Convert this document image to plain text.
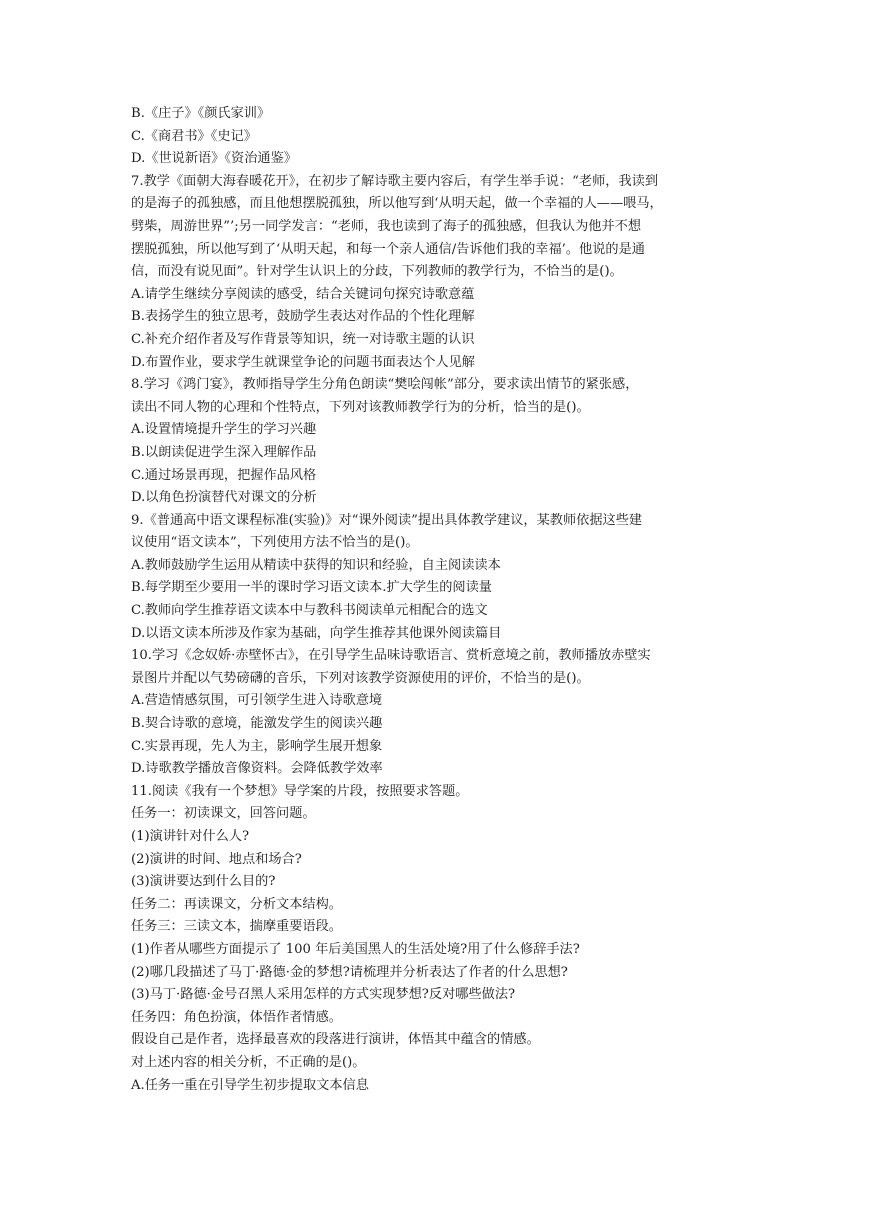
B.《庄子》《颜氏家训》
C.《商君书》《史记》
D.《世说新语》《资治通鉴》
7.教学《面朝大海春暖花开》，在初步了解诗歌主要内容后，有学生举手说：“老师，我读到
的是海子的孤独感，而且他想摆脱孤独，所以他写到‘从明天起，做一个幸福的人——喂马，
劈柴，周游世界”’;另一同学发言：“老师，我也读到了海子的孤独感，但我认为他并不想
摆脱孤独，所以他写到了‘从明天起，和每一个亲人通信/告诉他们我的幸福’。他说的是通
信，而没有说见面”。针对学生认识上的分歧，下列教师的教学行为，不恰当的是()。
A.请学生继续分享阅读的感受，结合关键词句探究诗歌意蕴
B.表扬学生的独立思考，鼓励学生表达对作品的个性化理解
C.补充介绍作者及写作背景等知识，统一对诗歌主题的认识
D.布置作业，要求学生就课堂争论的问题书面表达个人见解
8.学习《鸿门宴》，教师指导学生分角色朗读“樊哙闯帐”部分，要求读出情节的紧张感，
读出不同人物的心理和个性特点，下列对该教师教学行为的分析，恰当的是()。
A.设置情境提升学生的学习兴趣
B.以朗读促进学生深入理解作品
C.通过场景再现，把握作品风格
D.以角色扮演替代对课文的分析
9.《普通高中语文课程标准(实验)》对“课外阅读”提出具体教学建议，某教师依据这些建
议使用“语文读本”，下列使用方法不恰当的是()。
A.教师鼓励学生运用从精读中获得的知识和经验，自主阅读读本
B.每学期至少要用一半的课时学习语文读本.扩大学生的阅读量
C.教师向学生推荐语文读本中与教科书阅读单元相配合的选文
D.以语文读本所涉及作家为基础，向学生推荐其他课外阅读篇目
10.学习《念奴娇·赤壁怀古》，在引导学生品味诗歌语言、赏析意境之前，教师播放赤壁实
景图片并配以气势磅礴的音乐，下列对该教学资源使用的评价，不恰当的是()。
A.营造情感氛围，可引领学生进入诗歌意境
B.契合诗歌的意境，能激发学生的阅读兴趣
C.实景再现，先人为主，影响学生展开想象
D.诗歌教学播放音像资料。会降低教学效率
11.阅读《我有一个梦想》导学案的片段，按照要求答题。
任务一：初读课文，回答问题。
(1)演讲针对什么人?
(2)演讲的时间、地点和场合?
(3)演讲要达到什么目的?
任务二：再读课文，分析文本结构。
任务三：三读文本，揣摩重要语段。
(1)作者从哪些方面提示了 100 年后美国黑人的生活处境?用了什么修辞手法?
(2)哪几段描述了马丁·路德·金的梦想?请梳理并分析表达了作者的什么思想?
(3)马丁·路德·金号召黑人采用怎样的方式实现梦想?反对哪些做法?
任务四：角色扮演，体悟作者情感。
假设自己是作者，选择最喜欢的段落进行演讲，体悟其中蕴含的情感。
对上述内容的相关分析，不正确的是()。
A.任务一重在引导学生初步提取文本信息
